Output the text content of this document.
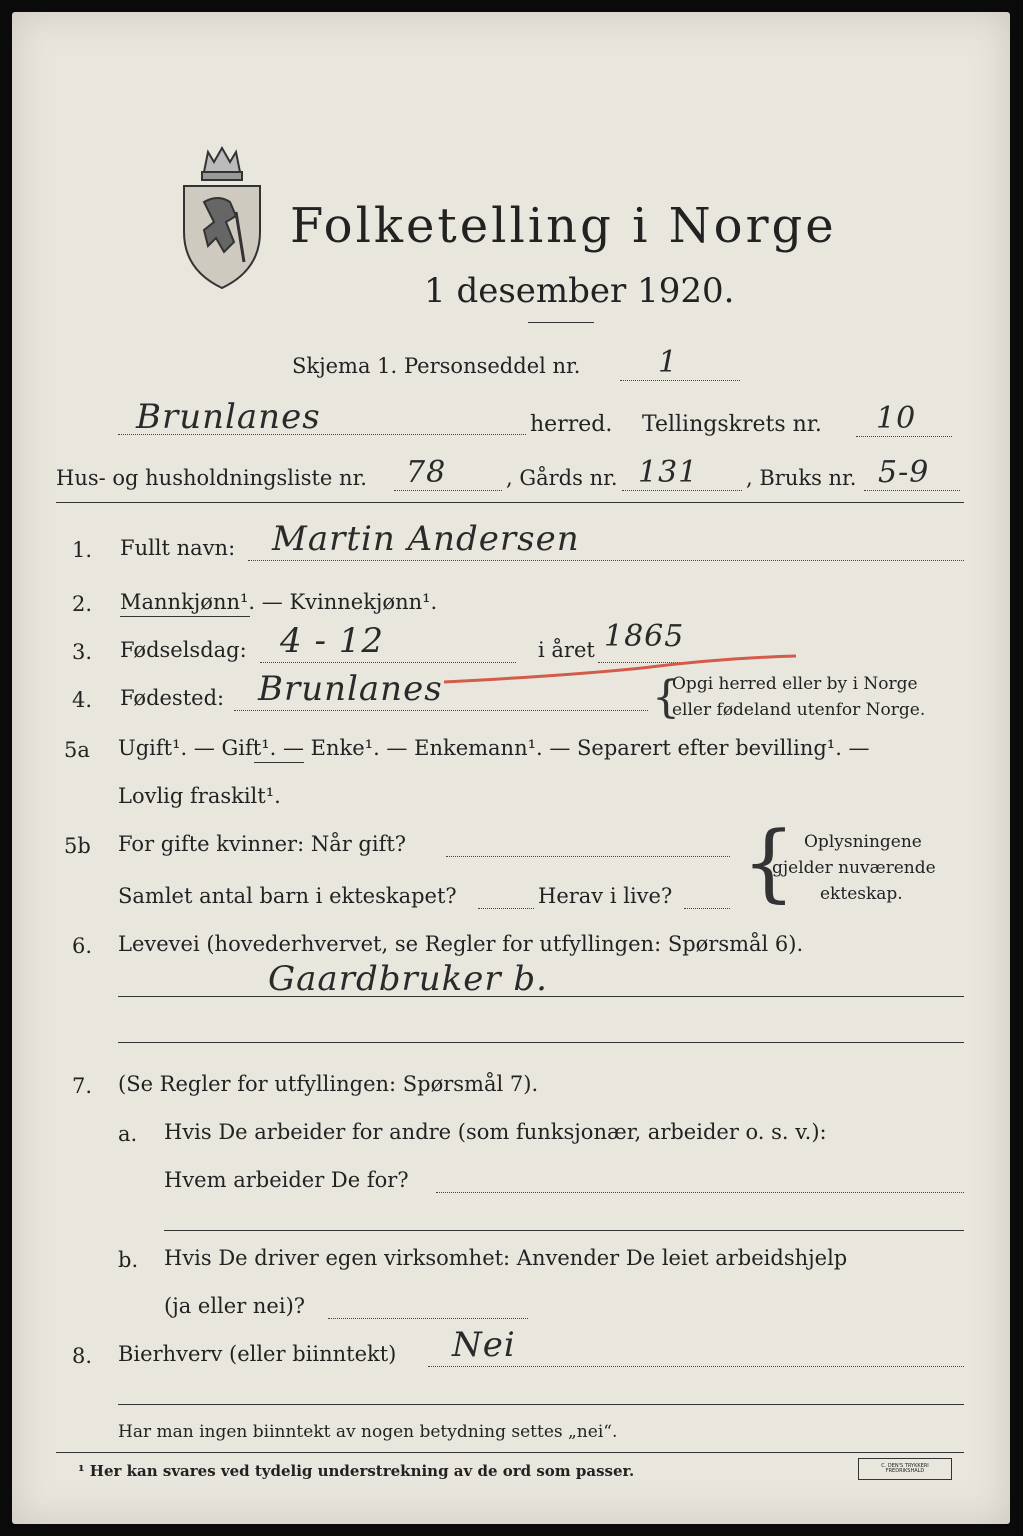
Folketelling i Norge
1 desember 1920.
Skjema 1. Personseddel nr.	1
Brunlanes	herred. Tellingskrets nr. 10
Hus- og husholdningsliste nr. 78	, Gårds nr. 131 , Bruks nr. 5-9
1. Fullt navn: Martin Andersen
2. Mannkjønn¹. — Kvinnekjønn¹.
3. Fødselsdag: 4 - 12	i året 1865
4. Fødested: Brunlanes	{
Opgi herred eller by i Norge
eller fødeland utenfor Norge.
5a Ugift¹. — Gift¹. — Enke¹. — Enkemann¹. — Separert efter bevilling¹. —
Lovlig fraskilt¹.
5b For gifte kvinner: Når gift?
Samlet antal barn i ekteskapet?	Herav i live? { Oplysningene
gjelder nuværende
ekteskap.
6. Levevei (hovederhvervet, se Regler for utfyllingen: Spørsmål 6).
Gaardbruker b.
7. (Se Regler for utfyllingen: Spørsmål 7).
a. Hvis De arbeider for andre (som funksjonær, arbeider o. s. v.):
Hvem arbeider De for?
b. Hvis De driver egen virksomhet: Anvender De leiet arbeidshjelp
(ja eller nei)?
8. Bierhverv (eller biinntekt) Nei
Har man ingen biinntekt av nogen betydning settes „nei“.
¹ Her kan svares ved tydelig understrekning av de ord som passer.	C. DEN'S TRYKKERI FREDRIKSHALD
